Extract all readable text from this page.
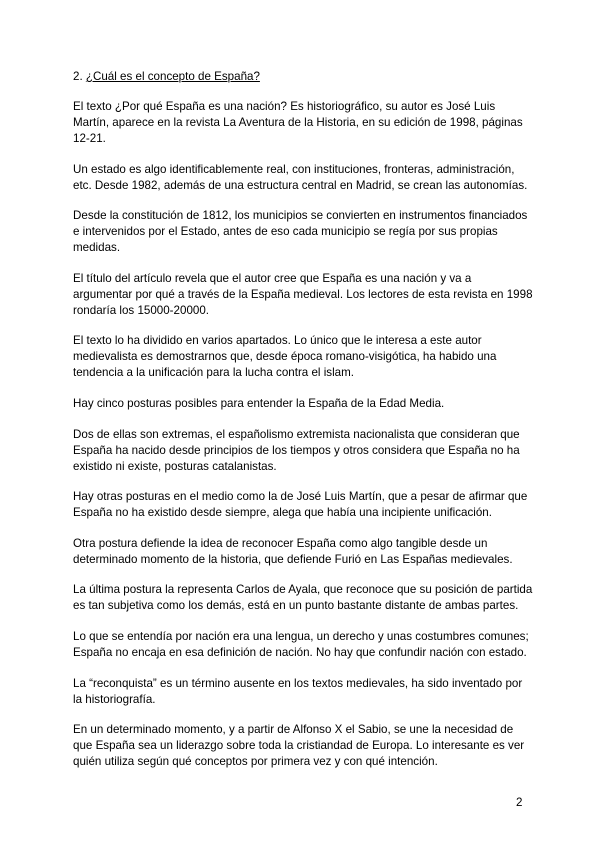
2. ¿Cuál es el concepto de España?

El texto ¿Por qué España es una nación? Es historiográfico, su autor es José Luis Martín, aparece en la revista La Aventura de la Historia, en su edición de 1998, páginas 12-21.

Un estado es algo identificablemente real, con instituciones, fronteras, administración, etc. Desde 1982, además de una estructura central en Madrid, se crean las autonomías.

Desde la constitución de 1812, los municipios se convierten en instrumentos financiados e intervenidos por el Estado, antes de eso cada municipio se regía por sus propias medidas.

El título del artículo revela que el autor cree que España es una nación y va a argumentar por qué a través de la España medieval. Los lectores de esta revista en 1998 rondaría los 15000-20000.

El texto lo ha dividido en varios apartados. Lo único que le interesa a este autor medievalista es demostrarnos que, desde época romano-visigótica, ha habido una tendencia a la unificación para la lucha contra el islam.

Hay cinco posturas posibles para entender la España de la Edad Media.

Dos de ellas son extremas, el españolismo extremista nacionalista que consideran que España ha nacido desde principios de los tiempos y otros considera que España no ha existido ni existe, posturas catalanistas.

Hay otras posturas en el medio como la de José Luis Martín, que a pesar de afirmar que España no ha existido desde siempre, alega que había una incipiente unificación.

Otra postura defiende la idea de reconocer España como algo tangible desde un determinado momento de la historia, que defiende Furió en Las Españas medievales.

La última postura la representa Carlos de Ayala, que reconoce que su posición de partida es tan subjetiva como los demás, está en un punto bastante distante de ambas partes.

Lo que se entendía por nación era una lengua, un derecho y unas costumbres comunes; España no encaja en esa definición de nación. No hay que confundir nación con estado.

La “reconquista” es un término ausente en los textos medievales, ha sido inventado por la historiografía.

En un determinado momento, y a partir de Alfonso X el Sabio, se une la necesidad de que España sea un liderazgo sobre toda la cristiandad de Europa. Lo interesante es ver quién utiliza según qué conceptos por primera vez y con qué intención.

2
